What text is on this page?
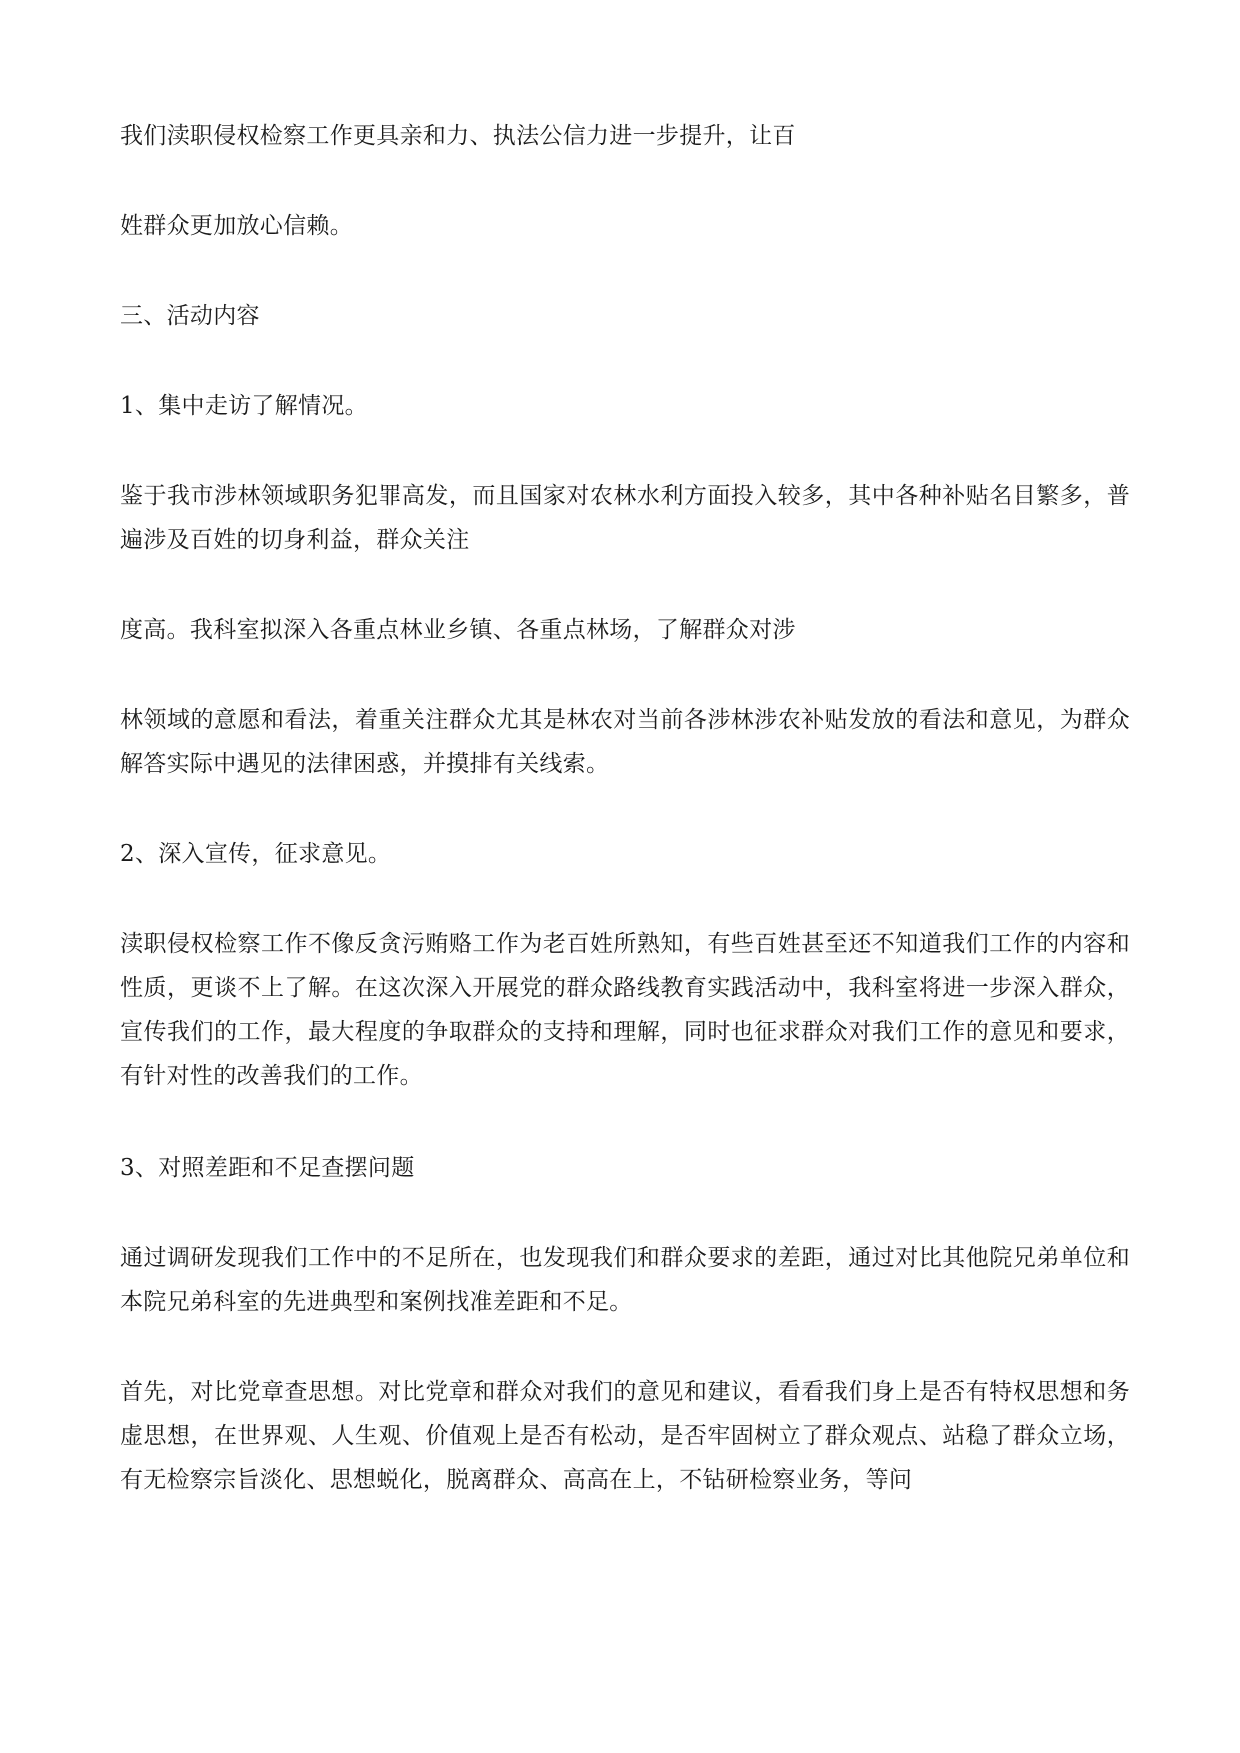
我们渎职侵权检察工作更具亲和力、执法公信力进一步提升，让百

姓群众更加放心信赖。

三、活动内容

1、集中走访了解情况。

鉴于我市涉林领域职务犯罪高发，而且国家对农林水利方面投入较多，其中各种补贴名目繁多，普遍涉及百姓的切身利益，群众关注

度高。我科室拟深入各重点林业乡镇、各重点林场，了解群众对涉

林领域的意愿和看法，着重关注群众尤其是林农对当前各涉林涉农补贴发放的看法和意见，为群众解答实际中遇见的法律困惑，并摸排有关线索。

2、深入宣传，征求意见。

渎职侵权检察工作不像反贪污贿赂工作为老百姓所熟知，有些百姓甚至还不知道我们工作的内容和性质，更谈不上了解。在这次深入开展党的群众路线教育实践活动中，我科室将进一步深入群众，宣传我们的工作，最大程度的争取群众的支持和理解，同时也征求群众对我们工作的意见和要求，有针对性的改善我们的工作。

3、对照差距和不足查摆问题

通过调研发现我们工作中的不足所在，也发现我们和群众要求的差距，通过对比其他院兄弟单位和本院兄弟科室的先进典型和案例找准差距和不足。

首先，对比党章查思想。对比党章和群众对我们的意见和建议，看看我们身上是否有特权思想和务虚思想，在世界观、人生观、价值观上是否有松动，是否牢固树立了群众观点、站稳了群众立场，有无检察宗旨淡化、思想蜕化，脱离群众、高高在上，不钻研检察业务，等问
